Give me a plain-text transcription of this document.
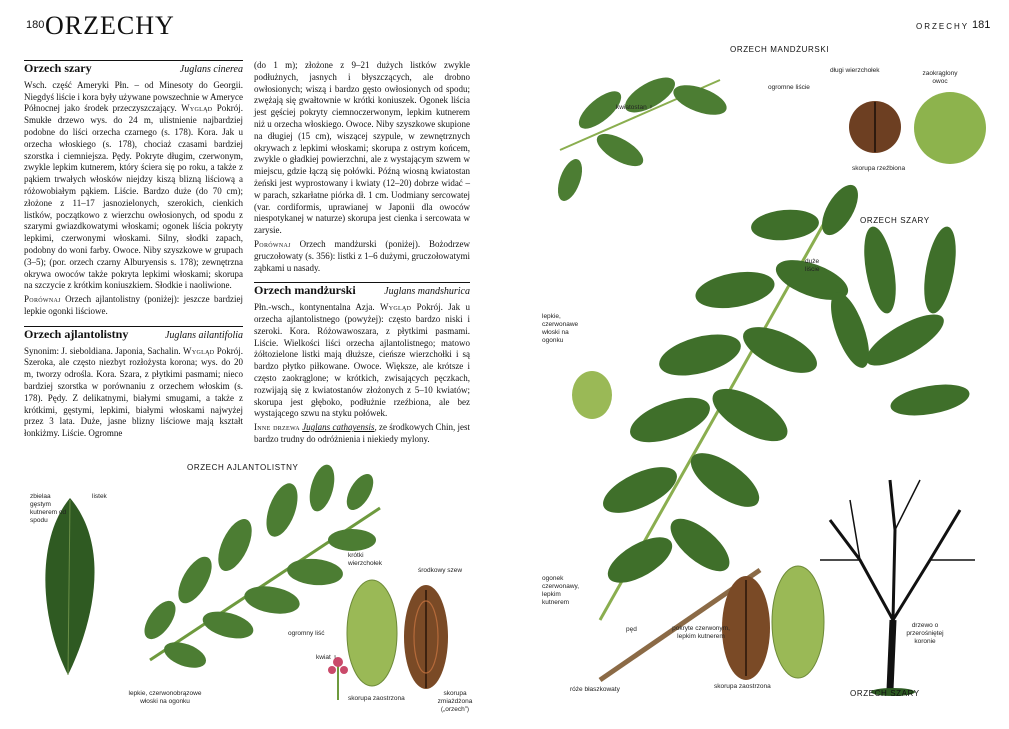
180 ORZECHY
Orzech szary	Juglans cinerea

Wsch. część Ameryki Płn. – od Minesoty do Georgii. Niegdyś liście i kora były używane powszechnie w Ameryce Północnej jako środek przeczyszczający. Wygląd Pokrój. Smukłe drzewo wys. do 24 m, ulistnienie najbardziej podobne do liści orzecha czarnego (s. 178). Kora. Jak u orzecha włoskiego (s. 178), chociaż czasami bardziej szorstka i ciemniejsza. Pędy. Pokryte długim, czerwonym, zwykle lepkim kutnerem, który ściera się po roku, a także z pąkiem trwałych włosków niejdzy kiszą blizną liściową a różowobiałym pąkiem. Liście. Bardzo duże (do 70 cm); złożone z 11–17 jasnozielonych, szerokich, cienkich listków, początkowo z wierzchu owłosionych, od spodu z szarymi gwiazdkowatymi włoskami; ogonek liścia pokryty lepkimi, czerwonymi włoskami. Silny, słodki zapach, podobny do woni farby. Owoce. Niby szyszkowe w grupach (3–5); (por. orzech czarny Alburyensis s. 178); zewnętrzna okrywa owoców także pokryta lepkimi włoskami; skorupa na szczycie z krótkim koniuszkiem. Słodkie i naoliwione.

Porównaj Orzech ajlantolistny (poniżej): jeszcze bardziej lepkie ogonki liściowe.

Orzech ajlantolistny	Juglans ailantifolia

Synonim: J. sieboldiana. Japonia, Sachalin. Wygląd Pokrój. Szeroka, ale często niezbyt rozłożysta korona; wys. do 20 m, tworzy odrośla. Kora. Szara, z płytkimi pasmami; nieco bardziej szorstka w porównaniu z orzechem włoskim (s. 178). Pędy. Z delikatnymi, białymi smugami, a także z krótkimi, gęstymi, lepkimi, białymi włoskami najwyżej przez 3 lata. Duże, jasne blizny liściowe mają kształt łonkiżmy. Liście. Ogromne

(do 1 m); złożone z 9–21 dużych listków zwykle podłużnych, jasnych i błyszczących, ale drobno owłosionych; wiszą i bardzo gęsto owłosionych od spodu; zwężają się gwałtownie w krótki koniuszek. Ogonek liścia jest gęściej pokryty ciemnoczerwonym, lepkim kutnerem niż u orzecha włoskiego. Owoce. Niby szyszkowe skupione na długiej (15 cm), wiszącej szypule, w zewnętrznych okrywach z lepkimi włoskami; skorupa z ostrym końcem, zwykle o gładkiej powierzchni, ale z wystającym szwem w miejscu, gdzie łączą się połówki. Późną wiosną kwiatostan żeński jest wyprostowany i kwiaty (12–20) dobrze widać – w parach, szkarłatne piórka dł. 1 cm. Uodmiany sercowatej (var. cordiformis, uprawianej w Japonii dla owoców niespotykanej w naturze) skorupa jest cienka i sercowata w zarysie.

Porównaj Orzech mandżurski (poniżej). Bożodrzew gruczołowaty (s. 356): listki z 1–6 dużymi, gruczołowatymi ząbkami u nasady.

Orzech mandżurski	Juglans mandshurica

Płn.-wsch., kontynentalna Azja. Wygląd Pokrój. Jak u orzecha ajlantolistnego (powyżej): często bardzo niski i szeroki. Kora. Różowawoszara, z płytkimi pasmami. Liście. Wielkości liści orzecha ajlantolistnego; matowo żółtozielone listki mają dłuższe, cieńsze wierzchołki i są bardzo płytko piłkowane. Owoce. Większe, ale krótsze i często zaokrąglone; w krótkich, zwisających pęczkach, rozwijają się z kwiatostanów złożonych z 5–10 kwiatów; skorupa jest głęboko, podłużnie rzeźbiona, ale bez wystającego szwu na styku połówek.

Inne drzewa Juglans cathayensis, ze środkowych Chin, jest bardzo trudny do odróżnienia i niekiedy mylony.

ORZECH AJLANTOLISTNY
zbielaa gęstym kutnerem od spodu
listek
krótki wierzchołek
środkowy szew
ogromny liść
kwiat ♀
lepkie, czerwonobrązowe włoski na ogonku	skorupa zaostrzona
skorupa zmiażdżona („orzech”)
ORZECHY 181
ORZECH MANDŻURSKI
ORZECH SZARY
ORZECH SZARY
długi wierzchołek	zaokrąglony owoc
ogromne liście
kwiatostan ♀
skorupa rzeźbiona
duże liście
lepkie, czerwonawe włoski na ogonku
ogonek czerwonawy, lepkim kutnerem
pęd	pokryte czerwonym, lepkim kutnerem
drzewo o przerośniętej koronie
róże błaszkowaty	skorupa zaostrzona
